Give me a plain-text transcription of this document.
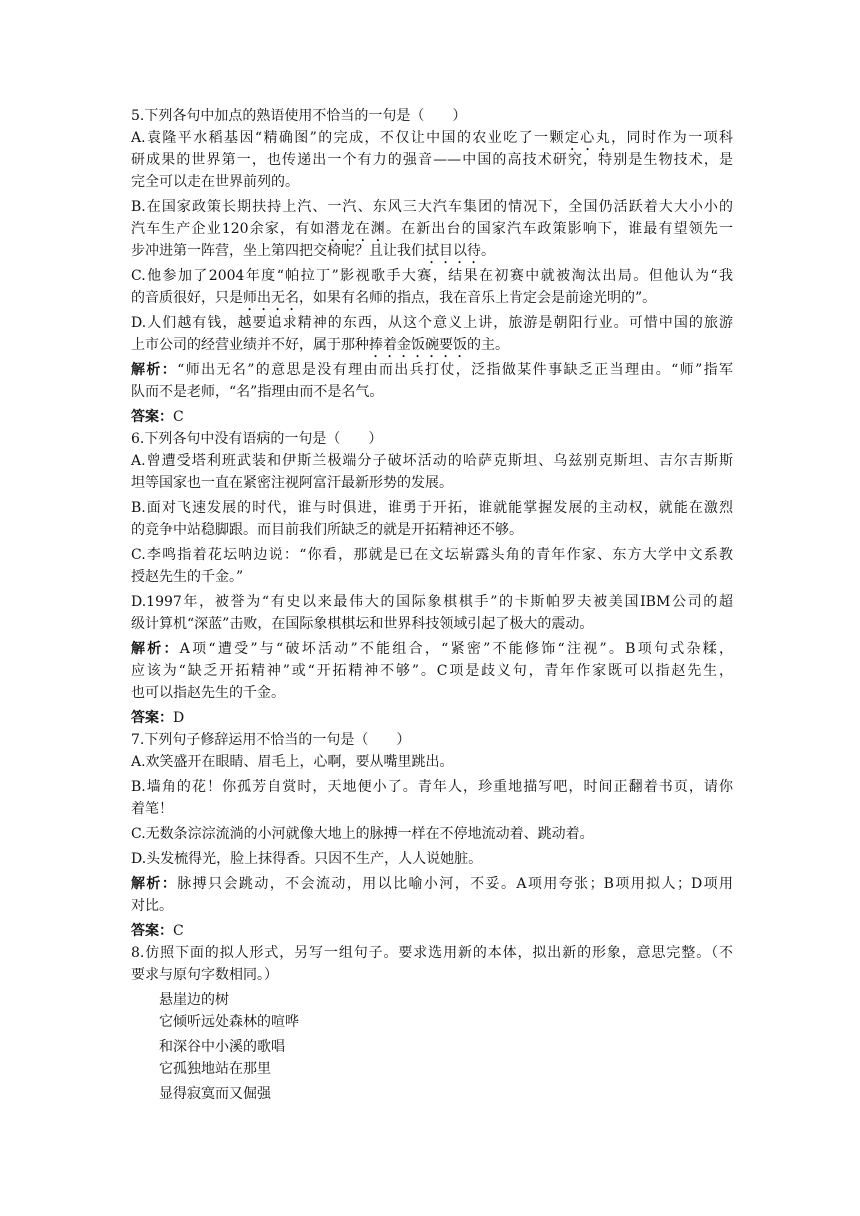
5.下列各句中加点的熟语使用不恰当的一句是（　　）
A.袁隆平水稻基因“精确图”的完成，不仅让中国的农业吃了一颗定心丸，同时作为一项科
研成果的世界第一，也传递出一个有力的强音——中国的高技术研究，特别是生物技术，是
完全可以走在世界前列的。
B.在国家政策长期扶持上汽、一汽、东风三大汽车集团的情况下，全国仍活跃着大大小小的
汽车生产企业120余家，有如潜龙在渊。在新出台的国家汽车政策影响下，谁最有望领先一
步冲进第一阵营，坐上第四把交椅呢？且让我们拭目以待。
C.他参加了2004年度“帕拉丁”影视歌手大赛，结果在初赛中就被淘汰出局。但他认为“我
的音质很好，只是师出无名，如果有名师的指点，我在音乐上肯定会是前途光明的”。
D.人们越有钱，越要追求精神的东西，从这个意义上讲，旅游是朝阳行业。可惜中国的旅游
上市公司的经营业绩并不好，属于那种捧着金饭碗要饭的主。
解析：“师出无名”的意思是没有理由而出兵打仗，泛指做某件事缺乏正当理由。“师”指军
队而不是老师，“名”指理由而不是名气。
答案：C
6.下列各句中没有语病的一句是（　　）
A.曾遭受塔利班武装和伊斯兰极端分子破坏活动的哈萨克斯坦、乌兹别克斯坦、吉尔吉斯斯
坦等国家也一直在紧密注视阿富汗最新形势的发展。
B.面对飞速发展的时代，谁与时俱进，谁勇于开拓，谁就能掌握发展的主动权，就能在激烈
的竞争中站稳脚跟。而目前我们所缺乏的就是开拓精神还不够。
C.李鸣指着花坛呐边说：“你看，那就是已在文坛崭露头角的青年作家、东方大学中文系教
授赵先生的千金。”
D.1997年，被誉为“有史以来最伟大的国际象棋棋手”的卡斯帕罗夫被美国IBM公司的超
级计算机“深蓝”击败，在国际象棋棋坛和世界科技领域引起了极大的震动。
解析：A项“遭受”与“破坏活动”不能组合，“紧密”不能修饰“注视”。B项句式杂糅，
应该为“缺乏开拓精神”或“开拓精神不够”。C项是歧义句，青年作家既可以指赵先生，
也可以指赵先生的千金。
答案：D
7.下列句子修辞运用不恰当的一句是（　　）
A.欢笑盛开在眼睛、眉毛上，心啊，要从嘴里跳出。
B.墙角的花！你孤芳自赏时，天地便小了。青年人，珍重地描写吧，时间正翻着书页，请你
着笔！
C.无数条淙淙流淌的小河就像大地上的脉搏一样在不停地流动着、跳动着。
D.头发梳得光，脸上抹得香。只因不生产，人人说她脏。
解析：脉搏只会跳动，不会流动，用以比喻小河，不妥。A项用夸张；B项用拟人；D项用
对比。
答案：C
8.仿照下面的拟人形式，另写一组句子。要求选用新的本体，拟出新的形象，意思完整。（不
要求与原句字数相同。）
悬崖边的树
它倾听远处森林的喧哗
和深谷中小溪的歌唱
它孤独地站在那里
显得寂寞而又倔强
